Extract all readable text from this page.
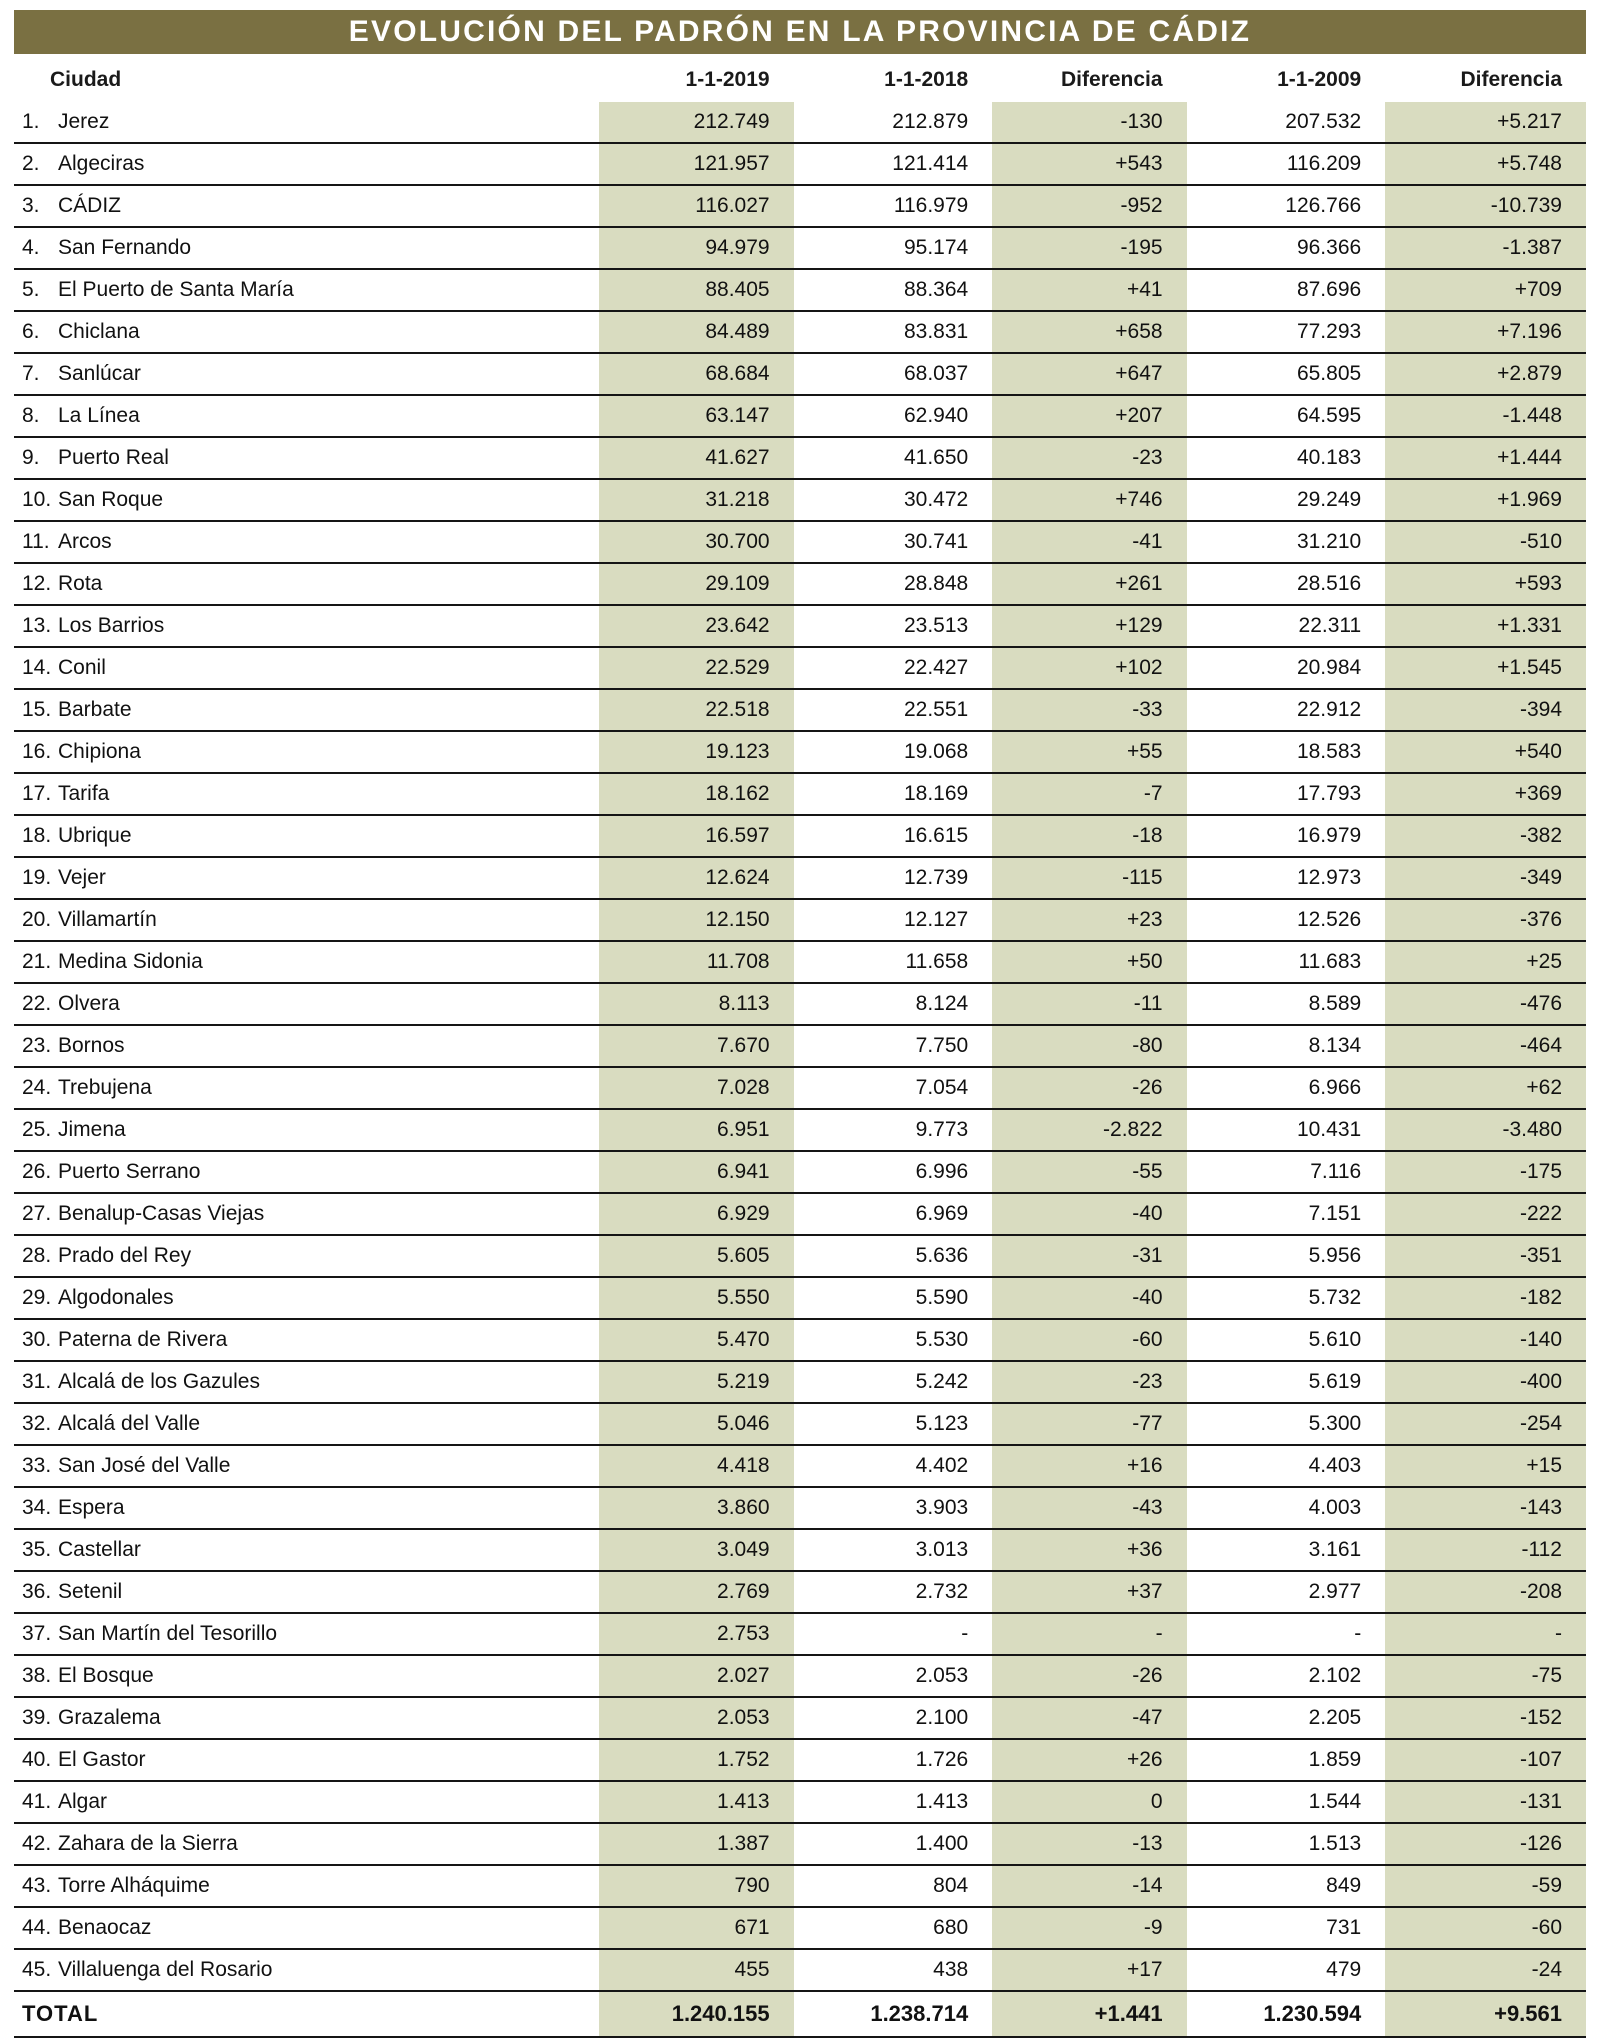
EVOLUCIÓN DEL PADRÓN EN LA PROVINCIA DE CÁDIZ
Ciudad	1-1-2019	1-1-2018	Diferencia	1-1-2009	Diferencia
1. Jerez	212.749	212.879	-130	207.532	+5.217
2. Algeciras	121.957	121.414	+543	116.209	+5.748
3. CÁDIZ	116.027	116.979	-952	126.766	-10.739
4. San Fernando	94.979	95.174	-195	96.366	-1.387
5. El Puerto de Santa María	88.405	88.364	+41	87.696	+709
6. Chiclana	84.489	83.831	+658	77.293	+7.196
7. Sanlúcar	68.684	68.037	+647	65.805	+2.879
8. La Línea	63.147	62.940	+207	64.595	-1.448
9. Puerto Real	41.627	41.650	-23	40.183	+1.444
10. San Roque	31.218	30.472	+746	29.249	+1.969
11. Arcos	30.700	30.741	-41	31.210	-510
12. Rota	29.109	28.848	+261	28.516	+593
13. Los Barrios	23.642	23.513	+129	22.311	+1.331
14. Conil	22.529	22.427	+102	20.984	+1.545
15. Barbate	22.518	22.551	-33	22.912	-394
16. Chipiona	19.123	19.068	+55	18.583	+540
17. Tarifa	18.162	18.169	-7	17.793	+369
18. Ubrique	16.597	16.615	-18	16.979	-382
19. Vejer	12.624	12.739	-115	12.973	-349
20. Villamartín	12.150	12.127	+23	12.526	-376
21. Medina Sidonia	11.708	11.658	+50	11.683	+25
22. Olvera	8.113	8.124	-11	8.589	-476
23. Bornos	7.670	7.750	-80	8.134	-464
24. Trebujena	7.028	7.054	-26	6.966	+62
25. Jimena	6.951	9.773	-2.822	10.431	-3.480
26. Puerto Serrano	6.941	6.996	-55	7.116	-175
27. Benalup-Casas Viejas	6.929	6.969	-40	7.151	-222
28. Prado del Rey	5.605	5.636	-31	5.956	-351
29. Algodonales	5.550	5.590	-40	5.732	-182
30. Paterna de Rivera	5.470	5.530	-60	5.610	-140
31. Alcalá de los Gazules	5.219	5.242	-23	5.619	-400
32. Alcalá del Valle	5.046	5.123	-77	5.300	-254
33. San José del Valle	4.418	4.402	+16	4.403	+15
34. Espera	3.860	3.903	-43	4.003	-143
35. Castellar	3.049	3.013	+36	3.161	-112
36. Setenil	2.769	2.732	+37	2.977	-208
37. San Martín del Tesorillo	2.753	-	-	-	-
38. El Bosque	2.027	2.053	-26	2.102	-75
39. Grazalema	2.053	2.100	-47	2.205	-152
40. El Gastor	1.752	1.726	+26	1.859	-107
41. Algar	1.413	1.413	0	1.544	-131
42. Zahara de la Sierra	1.387	1.400	-13	1.513	-126
43. Torre Alháquime	790	804	-14	849	-59
44. Benaocaz	671	680	-9	731	-60
45. Villaluenga del Rosario	455	438	+17	479	-24
TOTAL	1.240.155	1.238.714	+1.441	1.230.594	+9.561
